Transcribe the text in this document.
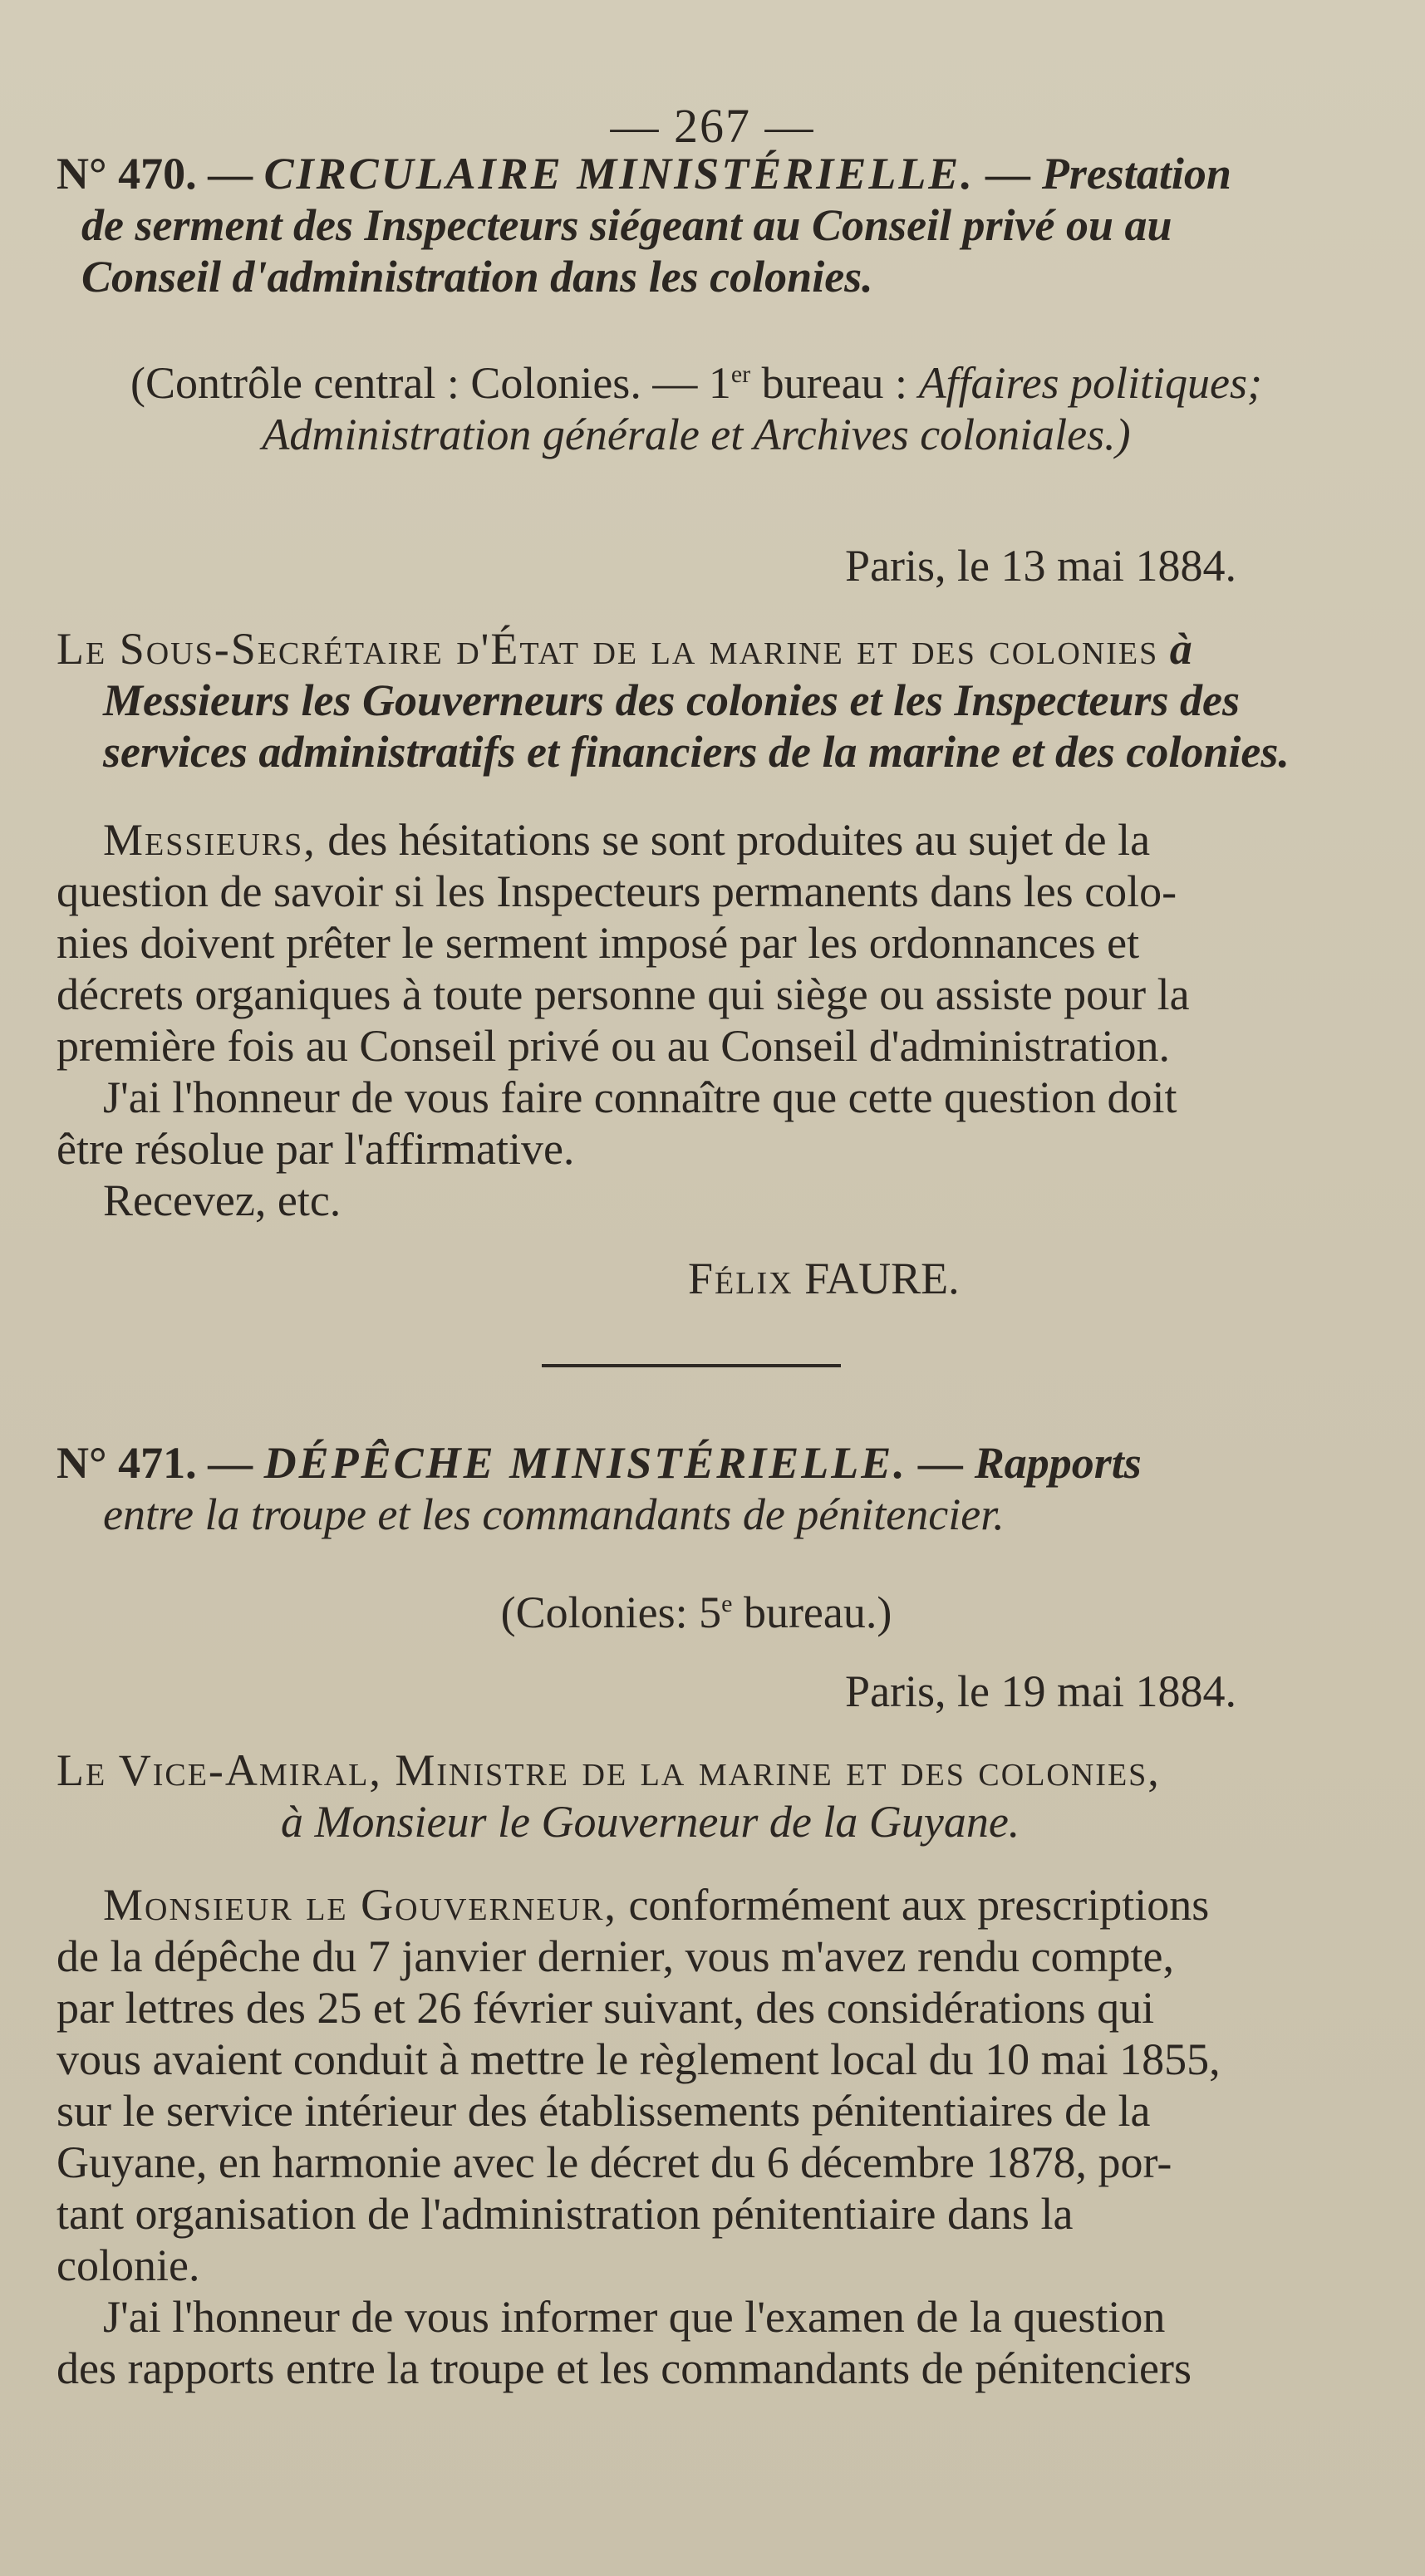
— 267 —
N° 470. — CIRCULAIRE MINISTÉRIELLE. — Prestation
de serment des Inspecteurs siégeant au Conseil privé ou au
Conseil d'administration dans les colonies.
(Contrôle central : Colonies. — 1er bureau : Affaires politiques;
Administration générale et Archives coloniales.)
Paris, le 13 mai 1884.
Le Sous-Secrétaire d'État de la marine et des colonies à
Messieurs les Gouverneurs des colonies et les Inspecteurs des
services administratifs et financiers de la marine et des colonies.
Messieurs, des hésitations se sont produites au sujet de la
question de savoir si les Inspecteurs permanents dans les colo-
nies doivent prêter le serment imposé par les ordonnances et
décrets organiques à toute personne qui siège ou assiste pour la
première fois au Conseil privé ou au Conseil d'administration.
J'ai l'honneur de vous faire connaître que cette question doit
être résolue par l'affirmative.
Recevez, etc.
Félix FAURE.
N° 471. — DÉPÊCHE MINISTÉRIELLE. — Rapports
entre la troupe et les commandants de pénitencier.
(Colonies: 5e bureau.)
Paris, le 19 mai 1884.
Le Vice-Amiral, Ministre de la marine et des colonies,
à Monsieur le Gouverneur de la Guyane.
Monsieur le Gouverneur, conformément aux prescriptions
de la dépêche du 7 janvier dernier, vous m'avez rendu compte,
par lettres des 25 et 26 février suivant, des considérations qui
vous avaient conduit à mettre le règlement local du 10 mai 1855,
sur le service intérieur des établissements pénitentiaires de la
Guyane, en harmonie avec le décret du 6 décembre 1878, por-
tant organisation de l'administration pénitentiaire dans la
colonie.
J'ai l'honneur de vous informer que l'examen de la question
des rapports entre la troupe et les commandants de pénitenciers
